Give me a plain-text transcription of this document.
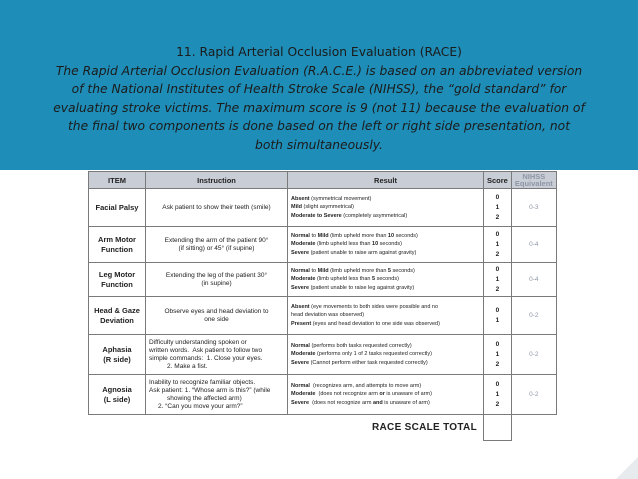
11. Rapid Arterial Occlusion Evaluation (RACE)
The Rapid Arterial Occlusion Evaluation (R.A.C.E.) is based on an abbreviated version
of the National Institutes of Health Stroke Scale (NIHSS), the “gold standard” for
evaluating stroke victims. The maximum score is 9 (not 11) because the evaluation of
the final two components is done based on the left or right side presentation, not
both simultaneously.
ITEM	Instruction	Result	Score	NIHSS
Equivalent

Facial Palsy	Ask patient to show their teeth (smile)	Absent (symmetrical movement)
Mild (slight asymmetrical)
Moderate to Severe (completely asymmetrical)	0
1
2	0-3

Arm Motor
Function	Extending the arm of the patient 90°
(if sitting) or 45° (if supine)	Normal to Mild (limb upheld more than 10 seconds)
Moderate (limb upheld less than 10 seconds)
Severe (patient unable to raise arm against gravity)	0
1
2	0-4

Leg Motor
Function	Extending the leg of the patient 30°
(in supine)	Normal to Mild (limb upheld more than 5 seconds)
Moderate (limb upheld less than 5 seconds)
Severe (patient unable to raise leg against gravity)	0
1
2	0-4

Head & Gaze
Deviation	Observe eyes and head deviation to
one side	Absent (eye movements to both sides were possible and no
head deviation was observed)
Present (eyes and head deviation to one side was observed)	0
1	0-2

Aphasia
(R side)	Difficulty understanding spoken or
written words.  Ask patient to follow two
simple commands:  1. Close your eyes.
2. Make a fist.	Normal (performs both tasks requested correctly)
Moderate (performs only 1 of 2 tasks requested correctly)
Severe (Cannot perform either task requested correctly)	0
1
2	0-2

Agnosia
(L side)	Inability to recognize familiar objects.
Ask patient: 1. “Whose arm is this?” (while
showing the affected arm)
2. “Can you move your arm?”	Normal  (recognizes arm, and attempts to move arm)
Moderate  (does not recognize arm or is unaware of arm)
Severe  (does not recognize arm and is unaware of arm)	0
1
2	0-2
RACE SCALE TOTAL				
